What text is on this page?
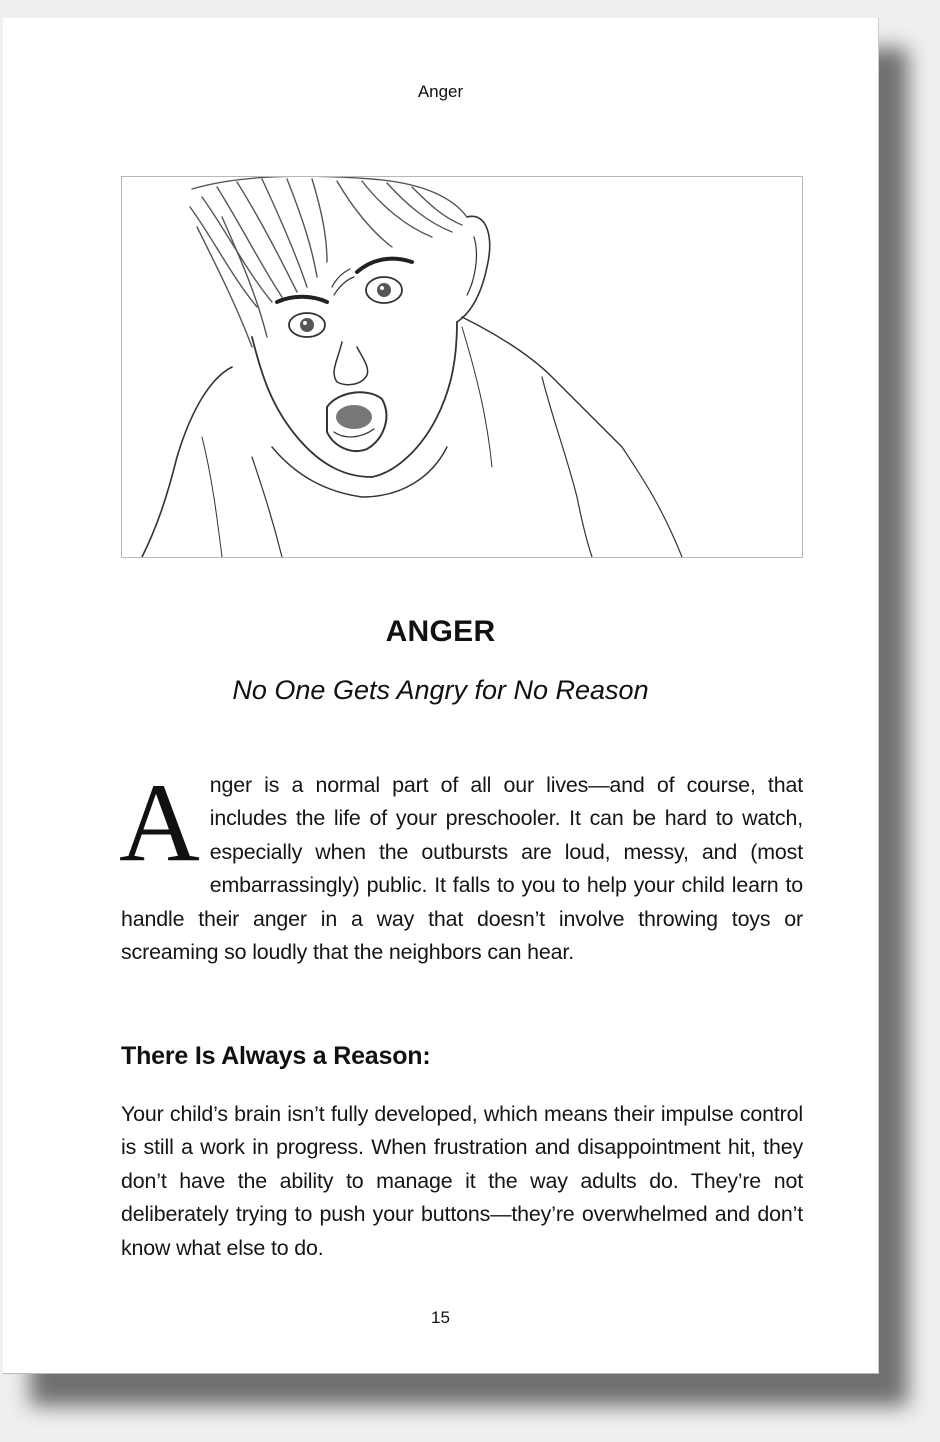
Anger
ANGER
No One Gets Angry for No Reason
Anger is a normal part of all our lives—and of course, that includes the life of your preschooler. It can be hard to watch, especially when the outbursts are loud, messy, and (most embarrassingly) public. It falls to you to help your child learn to handle their anger in a way that doesn’t involve throwing toys or screaming so loudly that the neighbors can hear.
There Is Always a Reason:
Your child’s brain isn’t fully developed, which means their impulse control is still a work in progress. When frustration and disappointment hit, they don’t have the ability to manage it the way adults do. They’re not deliberately trying to push your buttons—they’re overwhelmed and don’t know what else to do.
15
